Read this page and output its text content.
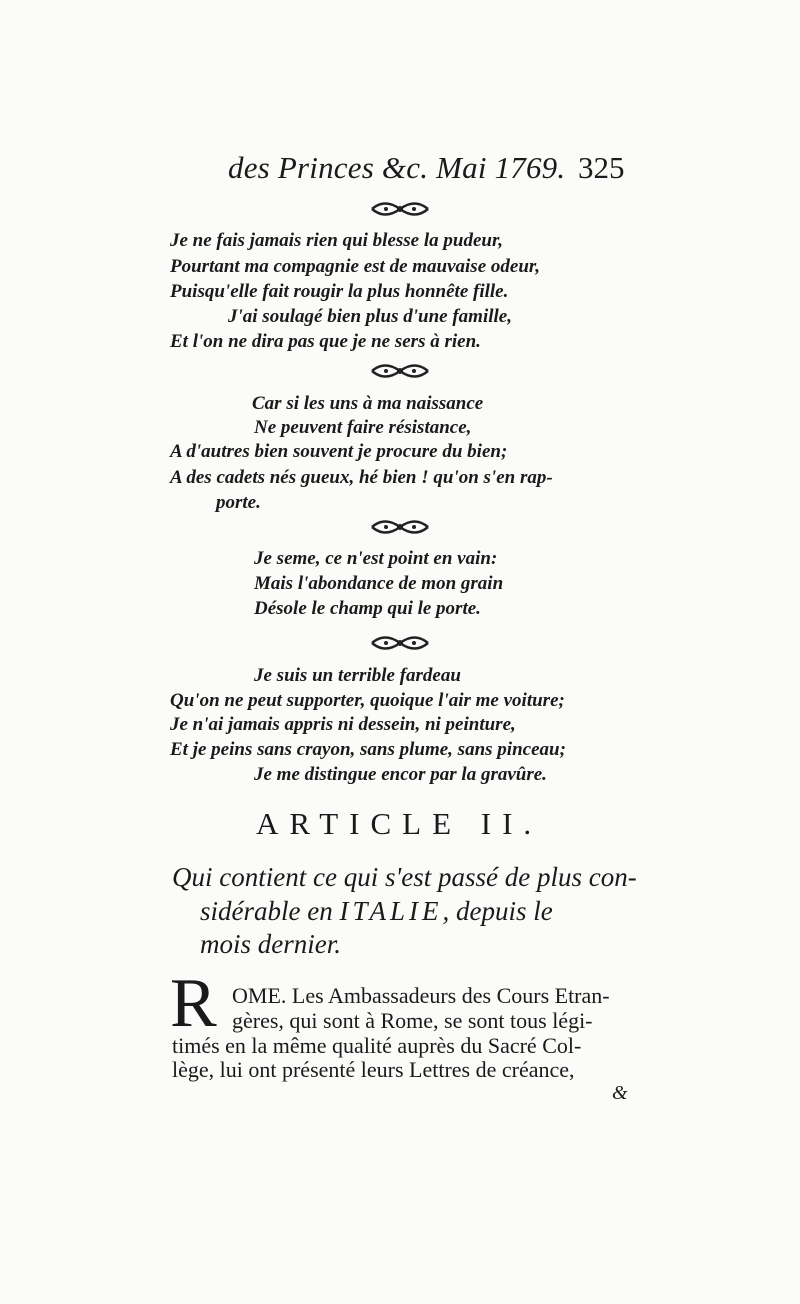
des Princes &c. Mai 1769. 325
Je ne fais jamais rien qui blesse la pudeur,
Pourtant ma compagnie est de mauvaise odeur,
Puisqu'elle fait rougir la plus honnête fille.
J'ai soulagé bien plus d'une famille,
Et l'on ne dira pas que je ne sers à rien.
Car si les uns à ma naissance
Ne peuvent faire résistance,
A d'autres bien souvent je procure du bien;
A des cadets nés gueux, hé bien ! qu'on s'en rap-
porte.
Je seme, ce n'est point en vain:
Mais l'abondance de mon grain
Désole le champ qui le porte.
Je suis un terrible fardeau
Qu'on ne peut supporter, quoique l'air me voiture;
Je n'ai jamais appris ni dessein, ni peinture,
Et je peins sans crayon, sans plume, sans pinceau;
Je me distingue encor par la gravûre.
ARTICLE II.
Qui contient ce qui s'est passé de plus con-
sidérable en ITALIE, depuis le
mois dernier.
R OME. Les Ambassadeurs des Cours Etran-
gères, qui sont à Rome, se sont tous légi-
timés en la même qualité auprès du Sacré Col-
lège, lui ont présenté leurs Lettres de créance,
&
